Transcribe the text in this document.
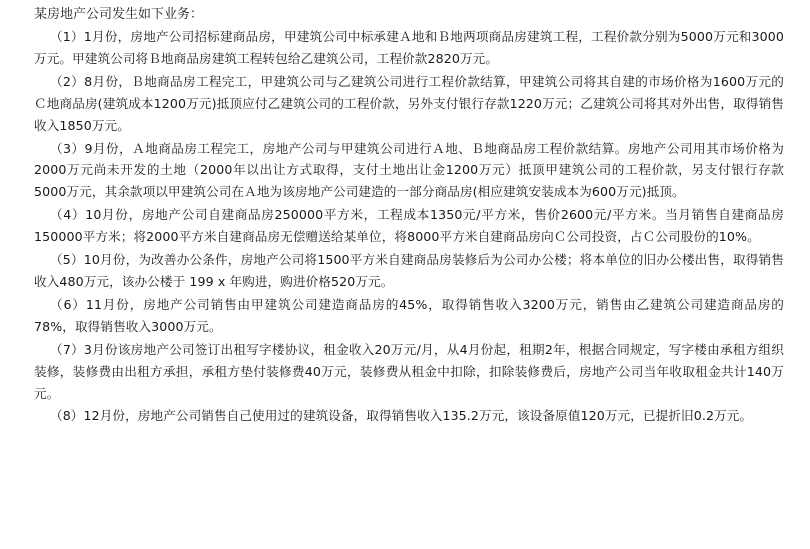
某房地产公司发生如下业务：

（1）1月份，房地产公司招标建商品房，甲建筑公司中标承建Ａ地和Ｂ地两项商品房建筑工程，工程价款分别为5000万元和3000万元。甲建筑公司将Ｂ地商品房建筑工程转包给乙建筑公司，工程价款2820万元。

（2）8月份，Ｂ地商品房工程完工，甲建筑公司与乙建筑公司进行工程价款结算，甲建筑公司将其自建的市场价格为1600万元的Ｃ地商品房(建筑成本1200万元)抵顶应付乙建筑公司的工程价款，另外支付银行存款1220万元；乙建筑公司将其对外出售，取得销售收入1850万元。

（3）9月份，Ａ地商品房工程完工，房地产公司与甲建筑公司进行Ａ地、Ｂ地商品房工程价款结算。房地产公司用其市场价格为2000万元尚未开发的土地（2000年以出让方式取得，支付土地出让金1200万元）抵顶甲建筑公司的工程价款，另支付银行存款5000万元，其余款项以甲建筑公司在Ａ地为该房地产公司建造的一部分商品房(相应建筑安装成本为600万元)抵顶。

（4）10月份，房地产公司自建商品房250000平方米，工程成本1350元/平方米，售价2600元/平方米。当月销售自建商品房150000平方米；将2000平方米自建商品房无偿赠送给某单位，将8000平方米自建商品房向Ｃ公司投资，占Ｃ公司股份的10%。

（5）10月份，为改善办公条件，房地产公司将1500平方米自建商品房装修后为公司办公楼；将本单位的旧办公楼出售，取得销售收入480万元，该办公楼于 199 x 年购进，购进价格520万元。

（6）11月份，房地产公司销售由甲建筑公司建造商品房的45%，取得销售收入3200万元，销售由乙建筑公司建造商品房的78%，取得销售收入3000万元。

（7）3月份该房地产公司签订出租写字楼协议，租金收入20万元/月，从4月份起，租期2年，根据合同规定，写字楼由承租方组织装修，装修费由出租方承担，承租方垫付装修费40万元，装修费从租金中扣除，扣除装修费后，房地产公司当年收取租金共计140万元。

（8）12月份，房地产公司销售自己使用过的建筑设备，取得销售收入135.2万元，该设备原值120万元，已提折旧0.2万元。
